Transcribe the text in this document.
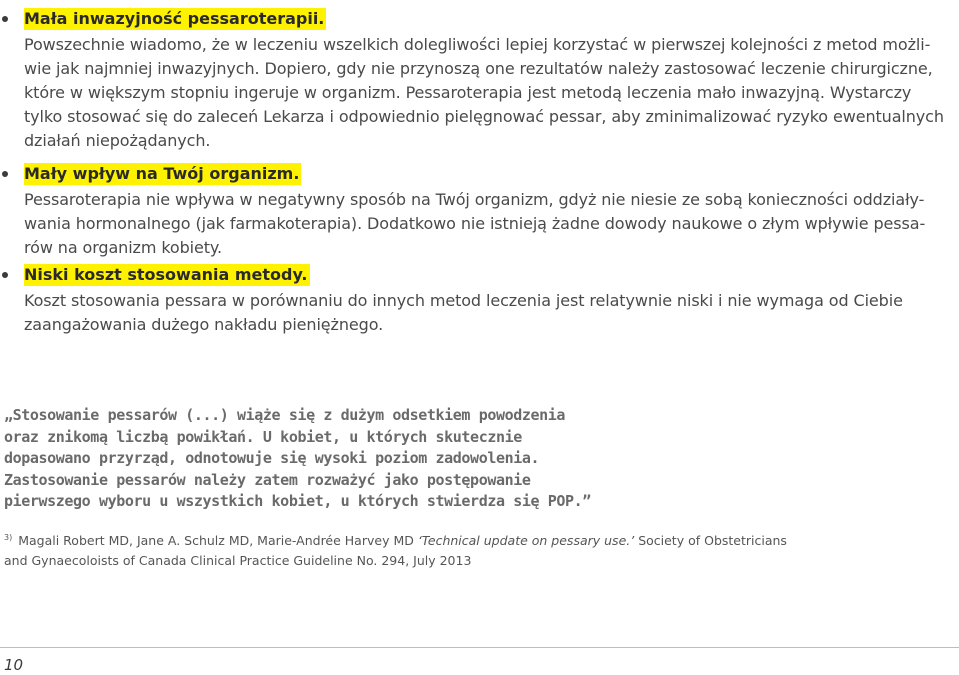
Mała inwazyjność pessaroterapii.
Powszechnie wiadomo, że w leczeniu wszelkich dolegliwości lepiej korzystać w pierwszej kolejności z metod możli-
wie jak najmniej inwazyjnych. Dopiero, gdy nie przynoszą one rezultatów należy zastosować leczenie chirurgiczne,
które w większym stopniu ingeruje w organizm. Pessaroterapia jest metodą leczenia mało inwazyjną. Wystarczy
tylko stosować się do zaleceń Lekarza i odpowiednio pielęgnować pessar, aby zminimalizować ryzyko ewentualnych
działań niepożądanych.
Mały wpływ na Twój organizm.
Pessaroterapia nie wpływa w negatywny sposób na Twój organizm, gdyż nie niesie ze sobą konieczności oddziały-
wania hormonalnego (jak farmakoterapia). Dodatkowo nie istnieją żadne dowody naukowe o złym wpływie pessa-
rów na organizm kobiety.
Niski koszt stosowania metody.
Koszt stosowania pessara w porównaniu do innych metod leczenia jest relatywnie niski i nie wymaga od Ciebie
zaangażowania dużego nakładu pieniężnego.
„Stosowanie pessarów (...) wiąże się z dużym odsetkiem powodzenia
oraz znikomą liczbą powikłań. U kobiet, u których skutecznie
dopasowano przyrząd, odnotowuje się wysoki poziom zadowolenia.
Zastosowanie pessarów należy zatem rozważyć jako postępowanie
pierwszego wyboru u wszystkich kobiet, u których stwierdza się POP.”
$^{3)}$ Magali Robert MD, Jane A. Schulz MD, Marie-Andrée Harvey MD ‘Technical update on pessary use.’ Society of Obstetricians
and Gynaecoloists of Canada Clinical Practice Guideline No. 294, July 2013
10
